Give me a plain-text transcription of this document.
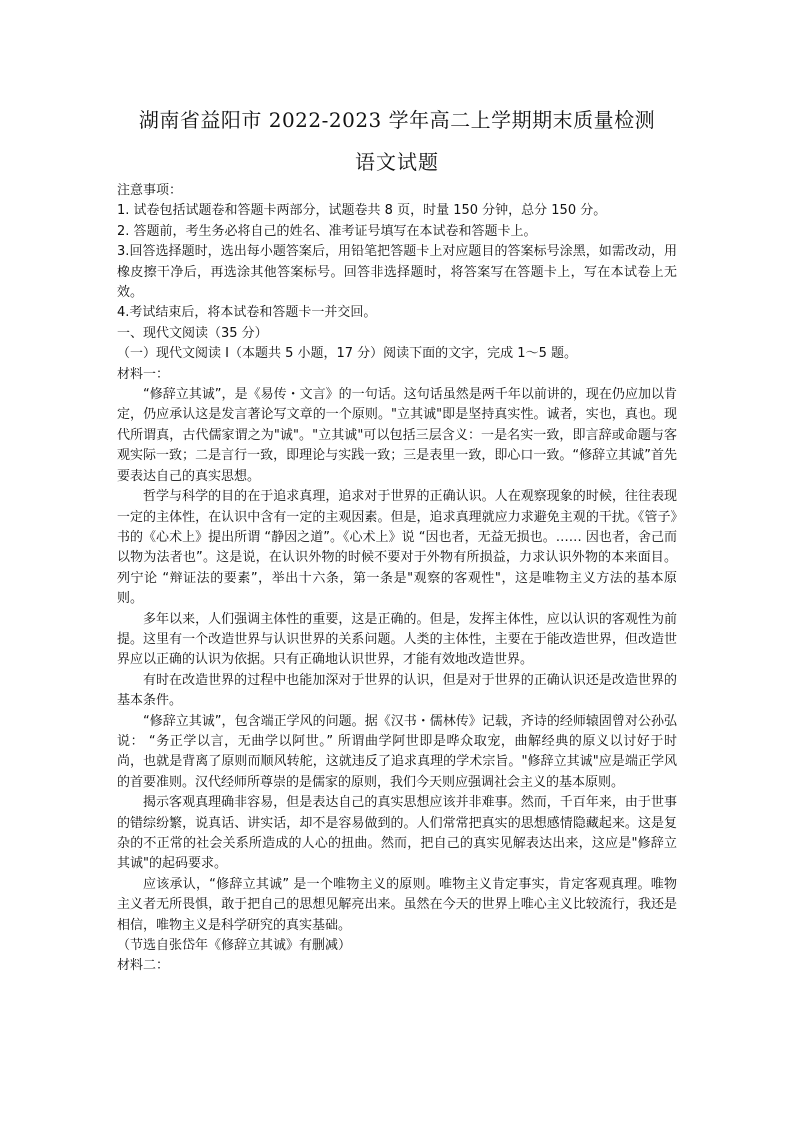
湖南省益阳市 2022-2023 学年高二上学期期末质量检测
语文试题

注意事项：

1. 试卷包括试题卷和答题卡两部分，试题卷共 8 页，时量 150 分钟，总分 150 分。

2. 答题前，考生务必将自己的姓名、准考证号填写在本试卷和答题卡上。

3.回答选择题时，选出每小题答案后，用铅笔把答题卡上对应题目的答案标号涂黑，如需改动，用橡皮擦干净后，再选涂其他答案标号。回答非选择题时，将答案写在答题卡上，写在本试卷上无效。

4.考试结束后，将本试卷和答题卡一并交回。

一、现代文阅读（35 分）

（一）现代文阅读 I（本题共 5 小题，17 分）阅读下面的文字，完成 1～5 题。

材料一：

“修辞立其诚”，是《易传・文言》的一句话。这句话虽然是两千年以前讲的，现在仍应加以肯定，仍应承认这是发言著论写文章的一个原则。"立其诚"即是坚持真实性。诚者，实也，真也。现代所谓真，古代儒家谓之为"诚"。"立其诚"可以包括三层含义：一是名实一致，即言辞或命题与客观实际一致；二是言行一致，即理论与实践一致；三是表里一致，即心口一致。“修辞立其诚”首先要表达自己的真实思想。

哲学与科学的目的在于追求真理，追求对于世界的正确认识。人在观察现象的时候，往往表现一定的主体性，在认识中含有一定的主观因素。但是，追求真理就应力求避免主观的干扰。《管子》书的《心术上》提出所谓 “静因之道”。《心术上》说 “因也者，无益无损也。…… 因也者，舍己而以物为法者也”。这是说，在认识外物的时候不要对于外物有所损益，力求认识外物的本来面目。列宁论 “辩证法的要素”，举出十六条，第一条是"观察的客观性"，这是唯物主义方法的基本原则。

多年以来，人们强调主体性的重要，这是正确的。但是，发挥主体性，应以认识的客观性为前提。这里有一个改造世界与认识世界的关系问题。人类的主体性，主要在于能改造世界，但改造世界应以正确的认识为依据。只有正确地认识世界，才能有效地改造世界。

有时在改造世界的过程中也能加深对于世界的认识，但是对于世界的正确认识还是改造世界的基本条件。

“修辞立其诚”，包含端正学风的问题。据《汉书・儒林传》记载，齐诗的经师辕固曾对公孙弘说： “务正学以言，无曲学以阿世。” 所谓曲学阿世即是哗众取宠，曲解经典的原义以讨好于时尚，也就是背离了原则而顺风转舵，这就违反了追求真理的学术宗旨。"修辞立其诚"应是端正学风的首要准则。汉代经师所尊崇的是儒家的原则，我们今天则应强调社会主义的基本原则。

揭示客观真理确非容易，但是表达自己的真实思想应该并非难事。然而，千百年来，由于世事的错综纷繁，说真话、讲实话，却不是容易做到的。人们常常把真实的思想感情隐藏起来。这是复杂的不正常的社会关系所造成的人心的扭曲。然而，把自己的真实见解表达出来，这应是"修辞立其诚"的起码要求。

应该承认，“修辞立其诚” 是一个唯物主义的原则。唯物主义肯定事实，肯定客观真理。唯物主义者无所畏惧，敢于把自己的思想见解亮出来。虽然在今天的世界上唯心主义比较流行，我还是相信，唯物主义是科学研究的真实基础。

（节选自张岱年《修辞立其诚》有删减）

材料二：
